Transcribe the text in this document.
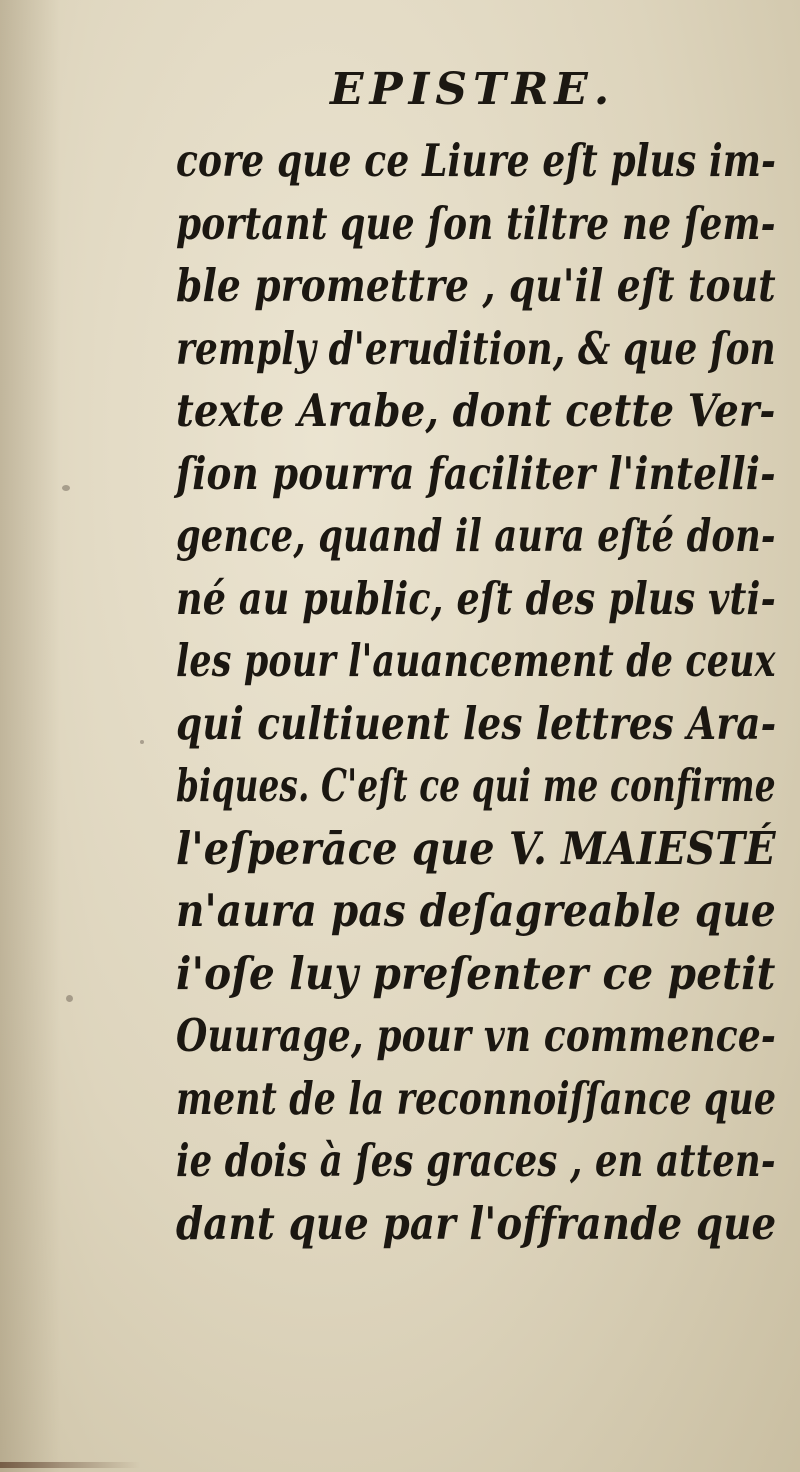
EPISTRE.
core que ce Liure eſt plus im-
portant que ſon tiltre ne ſem-
ble promettre , qu'il eſt tout
remply d'erudition, & que ſon
texte Arabe, dont cette Ver-
ſion pourra faciliter l'intelli-
gence, quand il aura eſté don-
né au public, eſt des plus vti-
les pour l'auancement de ceux
qui cultiuent les lettres Ara-
biques. C'eſt ce qui me confirme
l'eſperāce que V. MAIESTÉ
n'aura pas deſagreable que
i'oſe luy preſenter ce petit
Ouurage, pour vn commence-
ment de la reconnoiſſance que
ie dois à ſes graces , en atten-
dant que par l'offrande que
